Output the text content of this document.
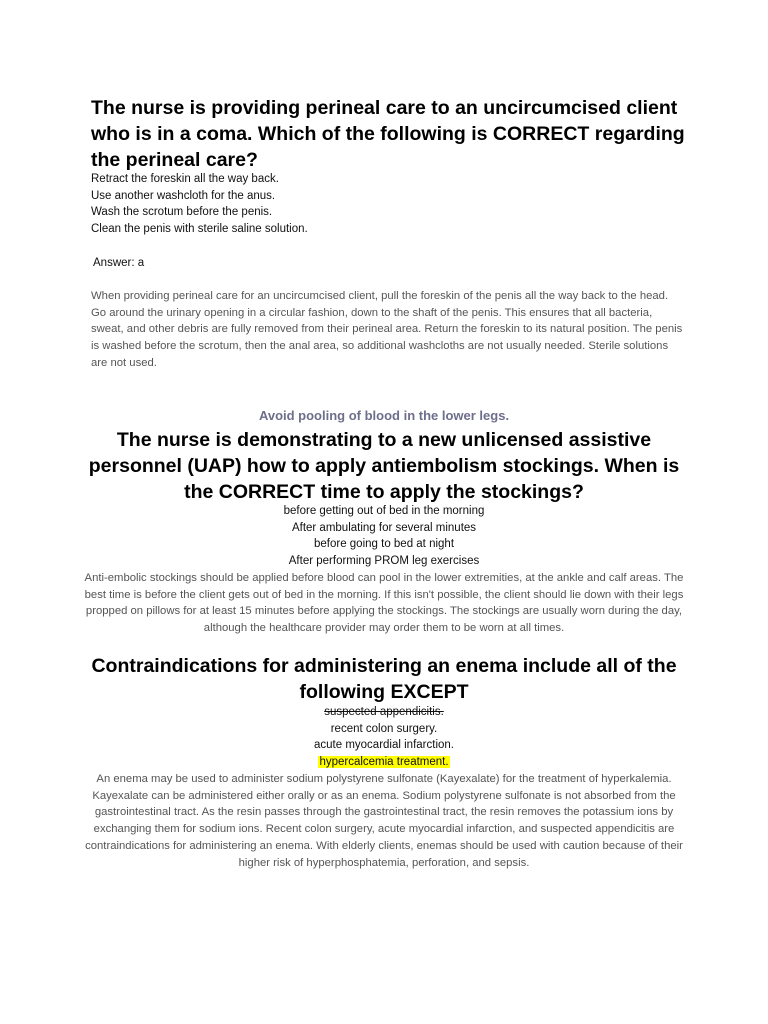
The nurse is providing perineal care to an uncircumcised client who is in a coma. Which of the following is CORRECT regarding the perineal care?
Retract the foreskin all the way back.
Use another washcloth for the anus.
Wash the scrotum before the penis.
Clean the penis with sterile saline solution.
Answer: a
When providing perineal care for an uncircumcised client, pull the foreskin of the penis all the way back to the head. Go around the urinary opening in a circular fashion, down to the shaft of the penis. This ensures that all bacteria, sweat, and other debris are fully removed from their perineal area. Return the foreskin to its natural position. The penis is washed before the scrotum, then the anal area, so additional washcloths are not usually needed. Sterile solutions are not used.
Avoid pooling of blood in the lower legs.
The nurse is demonstrating to a new unlicensed assistive personnel (UAP) how to apply antiembolism stockings. When is the CORRECT time to apply the stockings?
before getting out of bed in the morning
After ambulating for several minutes
before going to bed at night
After performing PROM leg exercises
Anti-embolic stockings should be applied before blood can pool in the lower extremities, at the ankle and calf areas. The best time is before the client gets out of bed in the morning. If this isn't possible, the client should lie down with their legs propped on pillows for at least 15 minutes before applying the stockings. The stockings are usually worn during the day, although the healthcare provider may order them to be worn at all times.
Contraindications for administering an enema include all of the following EXCEPT
suspected appendicitis.
recent colon surgery.
acute myocardial infarction.
hypercalcemia treatment.
An enema may be used to administer sodium polystyrene sulfonate (Kayexalate) for the treatment of hyperkalemia. Kayexalate can be administered either orally or as an enema. Sodium polystyrene sulfonate is not absorbed from the gastrointestinal tract. As the resin passes through the gastrointestinal tract, the resin removes the potassium ions by exchanging them for sodium ions. Recent colon surgery, acute myocardial infarction, and suspected appendicitis are contraindications for administering an enema. With elderly clients, enemas should be used with caution because of their higher risk of hyperphosphatemia, perforation, and sepsis.
